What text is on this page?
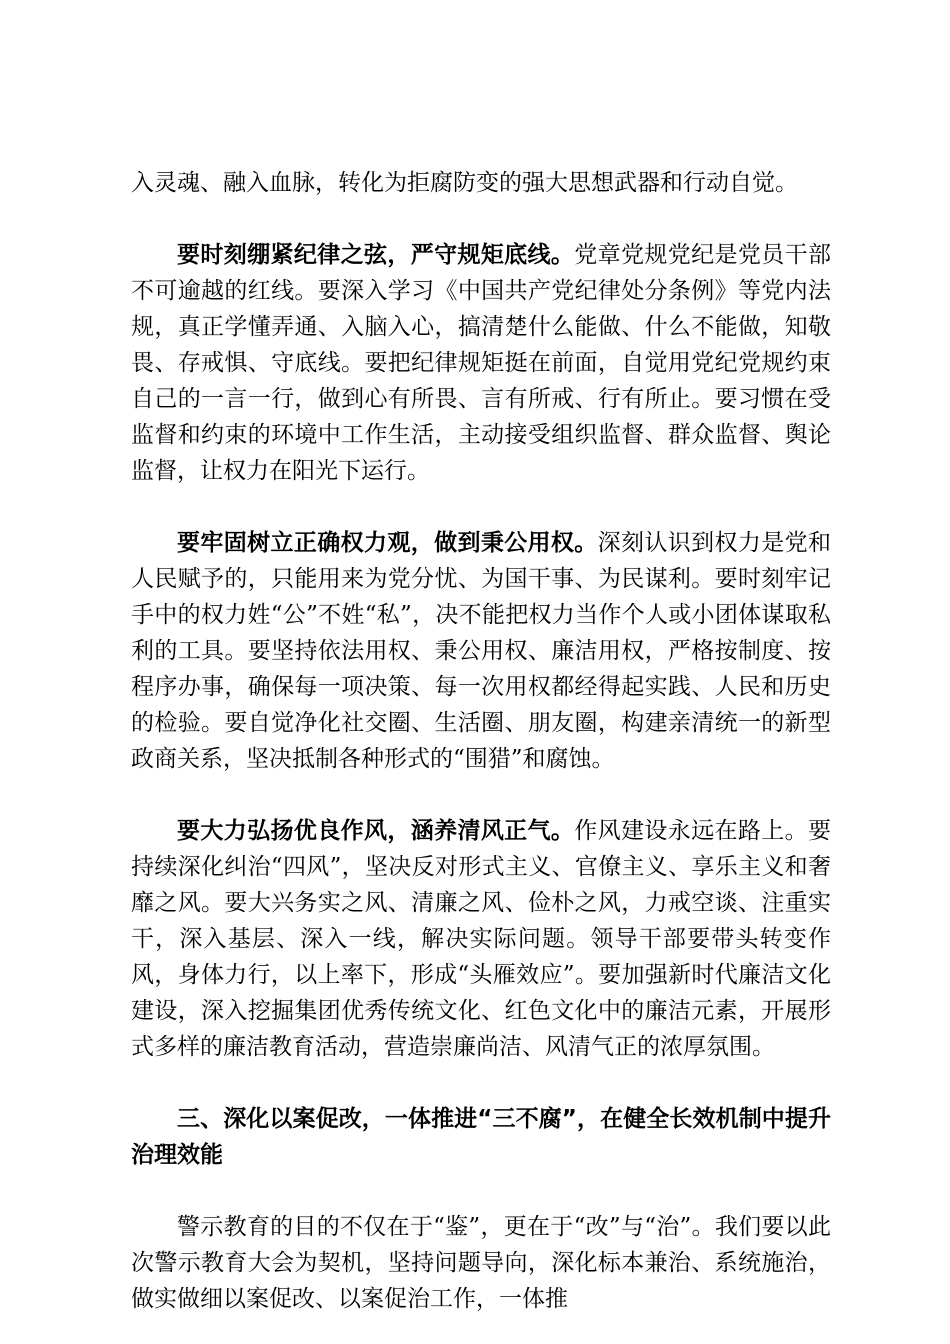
入灵魂、融入血脉，转化为拒腐防变的强大思想武器和行动自觉。

要时刻绷紧纪律之弦，严守规矩底线。党章党规党纪是党员干部不可逾越的红线。要深入学习《中国共产党纪律处分条例》等党内法规，真正学懂弄通、入脑入心，搞清楚什么能做、什么不能做，知敬畏、存戒惧、守底线。要把纪律规矩挺在前面，自觉用党纪党规约束自己的一言一行，做到心有所畏、言有所戒、行有所止。要习惯在受监督和约束的环境中工作生活，主动接受组织监督、群众监督、舆论监督，让权力在阳光下运行。

要牢固树立正确权力观，做到秉公用权。深刻认识到权力是党和人民赋予的，只能用来为党分忧、为国干事、为民谋利。要时刻牢记手中的权力姓“公”不姓“私”，决不能把权力当作个人或小团体谋取私利的工具。要坚持依法用权、秉公用权、廉洁用权，严格按制度、按程序办事，确保每一项决策、每一次用权都经得起实践、人民和历史的检验。要自觉净化社交圈、生活圈、朋友圈，构建亲清统一的新型政商关系，坚决抵制各种形式的“围猎”和腐蚀。

要大力弘扬优良作风，涵养清风正气。作风建设永远在路上。要持续深化纠治“四风”，坚决反对形式主义、官僚主义、享乐主义和奢靡之风。要大兴务实之风、清廉之风、俭朴之风，力戒空谈、注重实干，深入基层、深入一线，解决实际问题。领导干部要带头转变作风，身体力行，以上率下，形成“头雁效应”。要加强新时代廉洁文化建设，深入挖掘集团优秀传统文化、红色文化中的廉洁元素，开展形式多样的廉洁教育活动，营造崇廉尚洁、风清气正的浓厚氛围。

三、深化以案促改，一体推进“三不腐”，在健全长效机制中提升治理效能

警示教育的目的不仅在于“鉴”，更在于“改”与“治”。我们要以此次警示教育大会为契机，坚持问题导向，深化标本兼治、系统施治，做实做细以案促改、以案促治工作，一体推
